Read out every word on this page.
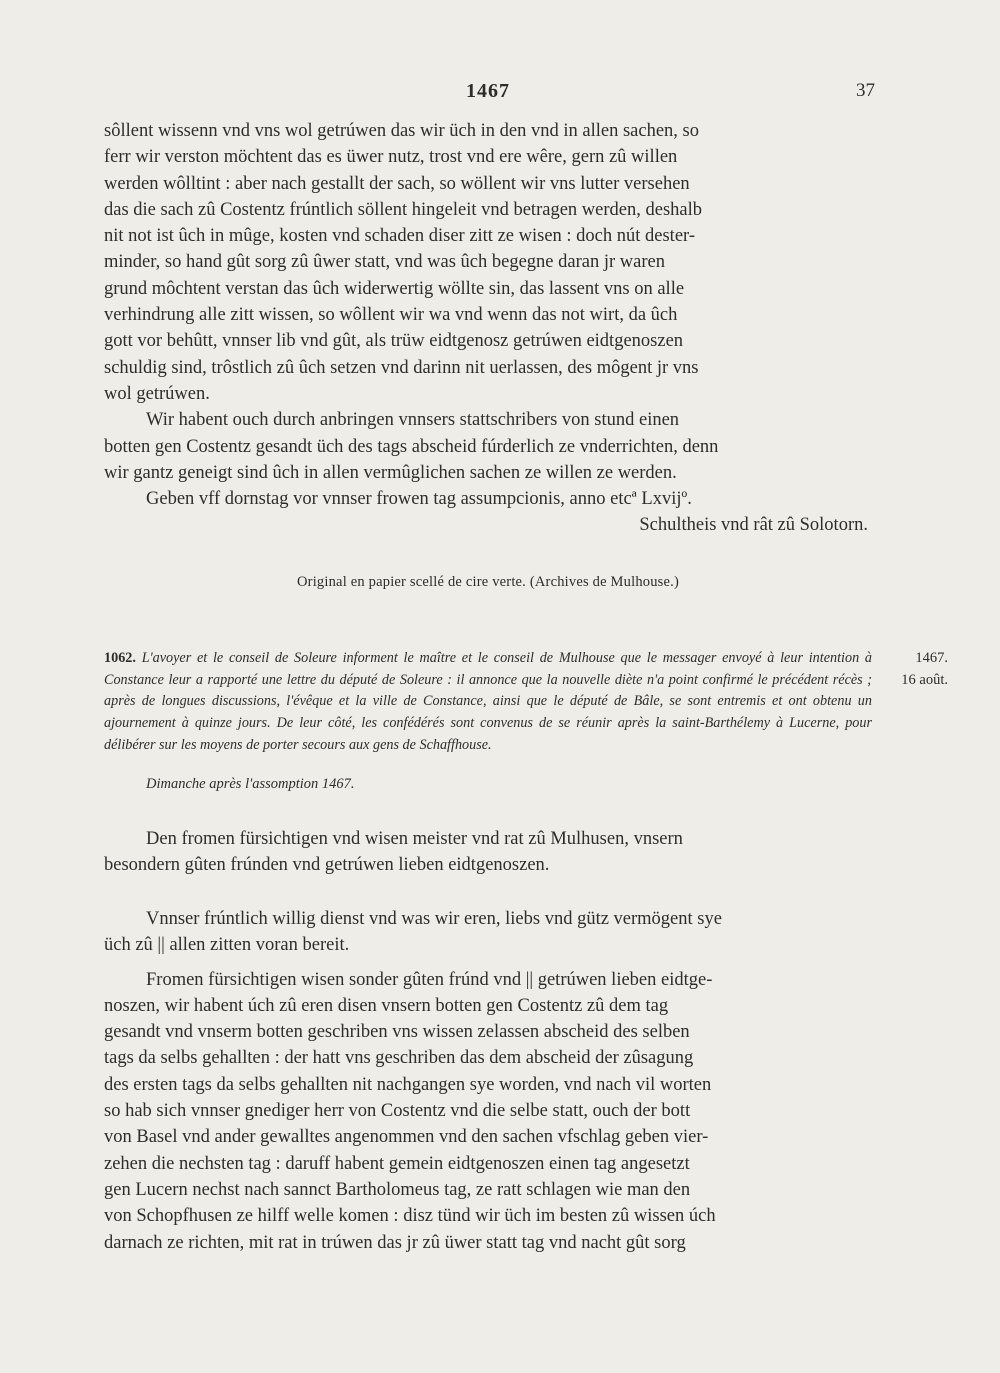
1467	37

sôllent wissenn vnd vns wol getrúwen das wir üch in den vnd in allen sachen, so

ferr wir verston möchtent das es üwer nutz, trost vnd ere wêre, gern zû willen

werden wôlltint : aber nach gestallt der sach, so wöllent wir vns lutter versehen

das die sach zû Costentz frúntlich söllent hingeleit vnd betragen werden, deshalb

nit not ist ûch in mûge, kosten vnd schaden diser zitt ze wisen : doch nút dester-

minder, so hand gût sorg zû ûwer statt, vnd was ûch begegne daran jr waren

grund môchtent verstan das ûch widerwertig wöllte sin, das lassent vns on alle

verhindrung alle zitt wissen, so wôllent wir wa vnd wenn das not wirt, da ûch

gott vor behûtt, vnnser lib vnd gût, als trüw eidtgenosz getrúwen eidtgenoszen

schuldig sind, trôstlich zû ûch setzen vnd darinn nit uerlassen, des môgent jr vns

wol getrúwen.

Wir habent ouch durch anbringen vnnsers stattschribers von stund einen

botten gen Costentz gesandt üch des tags abscheid fúrderlich ze vnderrichten, denn

wir gantz geneigt sind ûch in allen vermûglichen sachen ze willen ze werden.

Geben vff dornstag vor vnnser frowen tag assumpcionis, anno etcª Lxvijº.

Schultheis vnd rât zû Solotorn.

Original en papier scellé de cire verte. (Archives de Mulhouse.)
1062. L'avoyer et le conseil de Soleure informent le maître et le conseil de Mulhouse que le messager envoyé à leur intention à Constance leur a rapporté une lettre du député de Soleure : il annonce que la nouvelle diète n'a point confirmé le précédent récès ; après de longues discussions, l'évêque et la ville de Constance, ainsi que le député de Bâle, se sont entremis et ont obtenu un ajournement à quinze jours. De leur côté, les confédérés sont convenus de se réunir après la saint-Barthélemy à Lucerne, pour délibérer sur les moyens de porter secours aux gens de Schaffhouse.
1467.
16 août.
Dimanche après l'assomption 1467.

Den fromen fürsichtigen vnd wisen meister vnd rat zû Mulhusen, vnsern

besondern gûten frúnden vnd getrúwen lieben eidtgenoszen.

Vnnser frúntlich willig dienst vnd was wir eren, liebs vnd gütz vermögent sye

üch zû || allen zitten voran bereit.

Fromen fürsichtigen wisen sonder gûten frúnd vnd || getrúwen lieben eidtge-

noszen, wir habent úch zû eren disen vnsern botten gen Costentz zû dem tag

gesandt vnd vnserm botten geschriben vns wissen zelassen abscheid des selben

tags da selbs gehallten : der hatt vns geschriben das dem abscheid der zûsagung

des ersten tags da selbs gehallten nit nachgangen sye worden, vnd nach vil worten

so hab sich vnnser gnediger herr von Costentz vnd die selbe statt, ouch der bott

von Basel vnd ander gewalltes angenommen vnd den sachen vfschlag geben vier-

zehen die nechsten tag : daruff habent gemein eidtgenoszen einen tag angesetzt

gen Lucern nechst nach sannct Bartholomeus tag, ze ratt schlagen wie man den

von Schopfhusen ze hilff welle komen : disz tünd wir üch im besten zû wissen úch

darnach ze richten, mit rat in trúwen das jr zû üwer statt tag vnd nacht gût sorg
